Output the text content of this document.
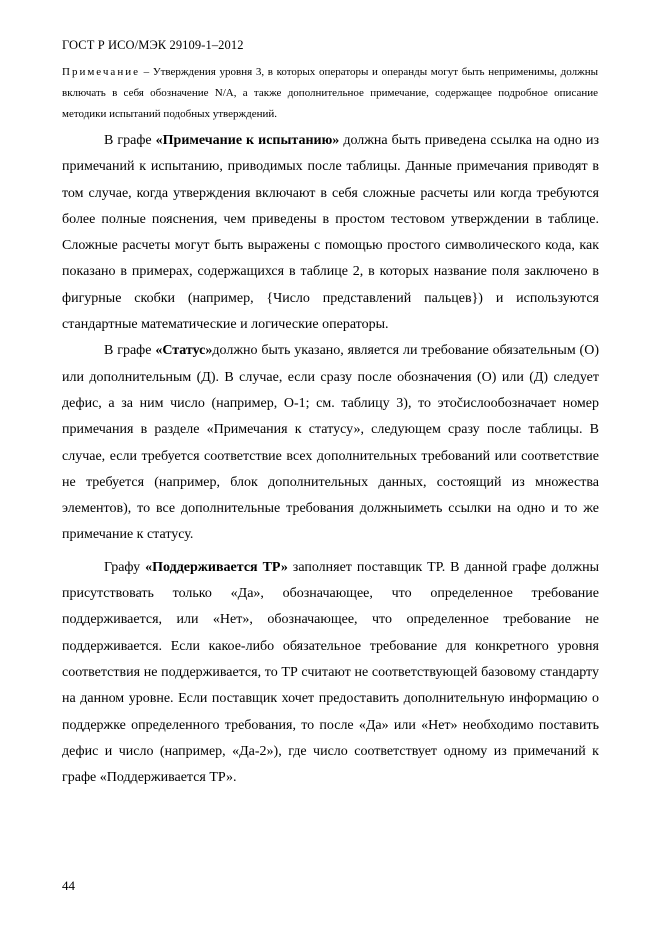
ГОСТ Р ИСО/МЭК 29109-1–2012
Примечание – Утверждения уровня 3, в которых операторы и операнды могут быть неприменимы, должны включать в себя обозначение N/A, а также дополнительное примечание, содержащее подробное описание методики испытаний подобных утверждений.

В графе «Примечание к испытанию» должна быть приведена ссылка на одно из примечаний к испытанию, приводимых после таблицы. Данные примечания приводят в том случае, когда утверждения включают в себя сложные расчеты или когда требуются более полные пояснения, чем приведены в простом тестовом утверждении в таблице. Сложные расчеты могут быть выражены с помощью простого символического кода, как показано в примерах, содержащихся в таблице 2, в которых название поля заключено в фигурные скобки (например, {Число представлений пальцев}) и используются стандартные математические и логические операторы.

В графе «Статус»должно быть указано, является ли требование обязательным (О) или дополнительным (Д). В случае, если сразу после обозначения (О) или (Д) следует дефис, а за ним число (например, О-1; см. таблицу 3), то этočислообозначает номер примечания в разделе «Примечания к статусу», следующем сразу после таблицы. В случае, если требуется соответствие всех дополнительных требований или соответствие не требуется (например, блок дополнительных данных, состоящий из множества элементов), то все дополнительные требования должныиметь ссылки на одно и то же примечание к статусу.

Графу «Поддерживается ТР» заполняет поставщик ТР. В данной графе должны присутствовать только «Да», обозначающее, что определенное требование поддерживается, или «Нет», обозначающее, что определенное требование не поддерживается. Если какое-либо обязательное требование для конкретного уровня соответствия не поддерживается, то ТР считают не соответствующей базовому стандарту на данном уровне. Если поставщик хочет предоставить дополнительную информацию о поддержке определенного требования, то после «Да» или «Нет» необходимо поставить дефис и число (например, «Да-2»), где число соответствует одному из примечаний к графе «Поддерживается ТР».

44
